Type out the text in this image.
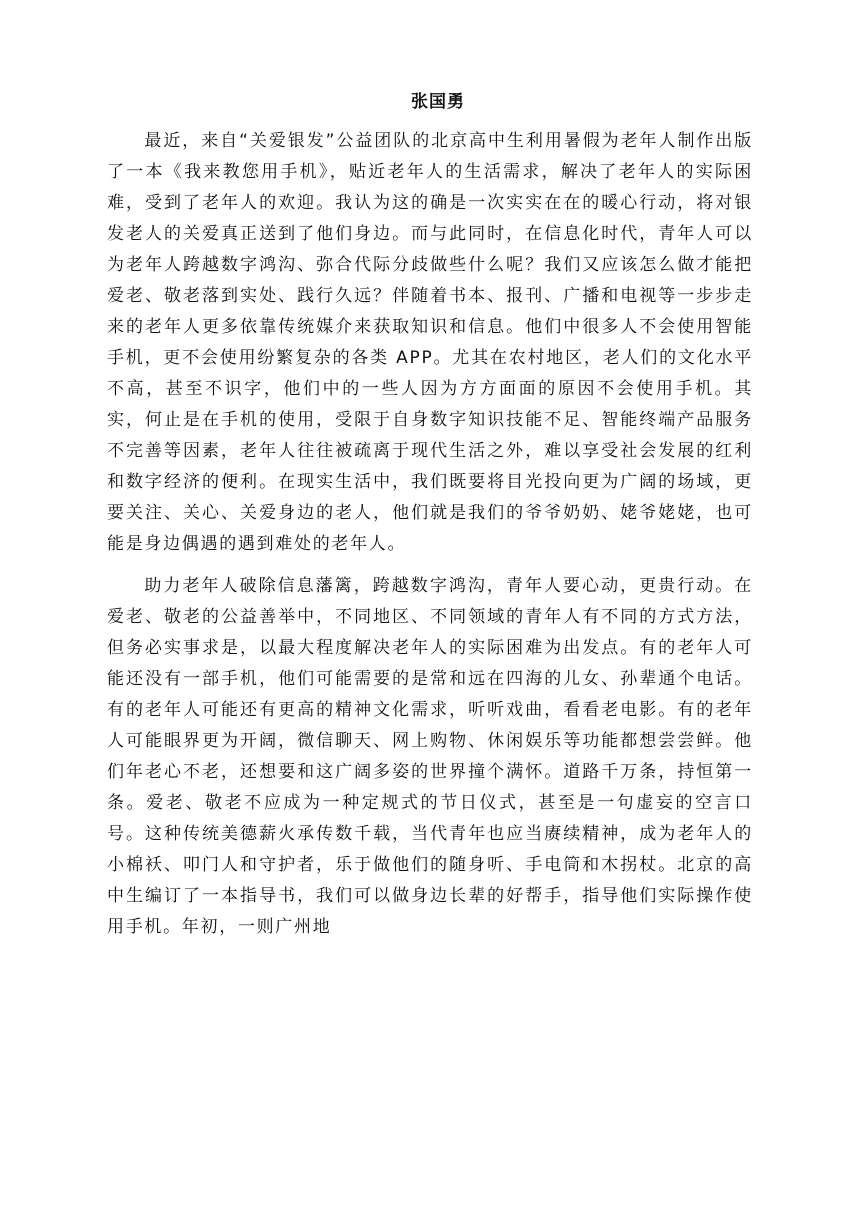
张国勇

最近，来自“关爱银发”公益团队的北京高中生利用暑假为老年人制作出版了一本《我来教您用手机》，贴近老年人的生活需求，解决了老年人的实际困难，受到了老年人的欢迎。我认为这的确是一次实实在在的暖心行动，将对银发老人的关爱真正送到了他们身边。而与此同时，在信息化时代，青年人可以为老年人跨越数字鸿沟、弥合代际分歧做些什么呢？我们又应该怎么做才能把爱老、敬老落到实处、践行久远？伴随着书本、报刊、广播和电视等一步步走来的老年人更多依靠传统媒介来获取知识和信息。他们中很多人不会使用智能手机，更不会使用纷繁复杂的各类 APP。尤其在农村地区，老人们的文化水平不高，甚至不识字，他们中的一些人因为方方面面的原因不会使用手机。其实，何止是在手机的使用，受限于自身数字知识技能不足、智能终端产品服务不完善等因素，老年人往往被疏离于现代生活之外，难以享受社会发展的红利和数字经济的便利。在现实生活中，我们既要将目光投向更为广阔的场域，更要关注、关心、关爱身边的老人，他们就是我们的爷爷奶奶、姥爷姥姥，也可能是身边偶遇的遇到难处的老年人。

助力老年人破除信息藩篱，跨越数字鸿沟，青年人要心动，更贵行动。在爱老、敬老的公益善举中，不同地区、不同领域的青年人有不同的方式方法，但务必实事求是，以最大程度解决老年人的实际困难为出发点。有的老年人可能还没有一部手机，他们可能需要的是常和远在四海的儿女、孙辈通个电话。有的老年人可能还有更高的精神文化需求，听听戏曲，看看老电影。有的老年人可能眼界更为开阔，微信聊天、网上购物、休闲娱乐等功能都想尝尝鲜。他们年老心不老，还想要和这广阔多姿的世界撞个满怀。道路千万条，持恒第一条。爱老、敬老不应成为一种定规式的节日仪式，甚至是一句虚妄的空言口号。这种传统美德薪火承传数千载，当代青年也应当赓续精神，成为老年人的小棉袄、叩门人和守护者，乐于做他们的随身听、手电筒和木拐杖。北京的高中生编订了一本指导书，我们可以做身边长辈的好帮手，指导他们实际操作使用手机。年初，一则广州地
